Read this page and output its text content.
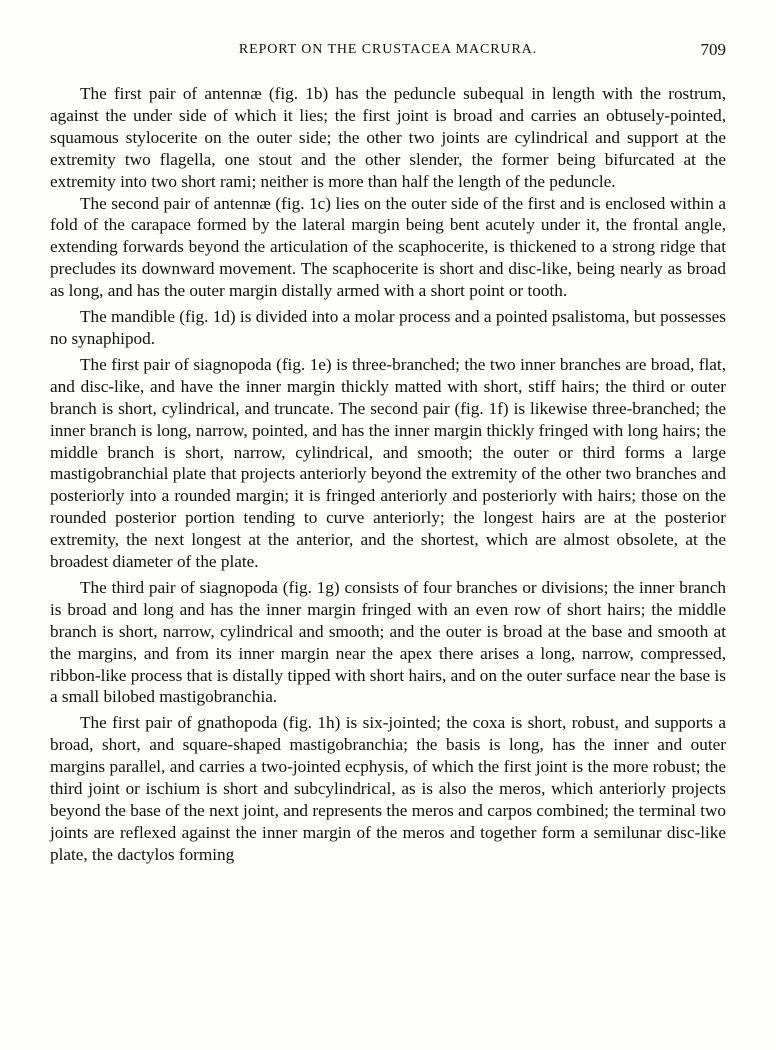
REPORT ON THE CRUSTACEA MACRURA.	709

The first pair of antennæ (fig. 1b) has the peduncle subequal in length with the rostrum, against the under side of which it lies; the first joint is broad and carries an obtusely-pointed, squamous stylocerite on the outer side; the other two joints are cylindrical and support at the extremity two flagella, one stout and the other slender, the former being bifurcated at the extremity into two short rami; neither is more than half the length of the peduncle.

The second pair of antennæ (fig. 1c) lies on the outer side of the first and is enclosed within a fold of the carapace formed by the lateral margin being bent acutely under it, the frontal angle, extending forwards beyond the articulation of the scaphocerite, is thickened to a strong ridge that precludes its downward movement. The scaphocerite is short and disc-like, being nearly as broad as long, and has the outer margin distally armed with a short point or tooth.

The mandible (fig. 1d) is divided into a molar process and a pointed psalistoma, but possesses no synaphipod.

The first pair of siagnopoda (fig. 1e) is three-branched; the two inner branches are broad, flat, and disc-like, and have the inner margin thickly matted with short, stiff hairs; the third or outer branch is short, cylindrical, and truncate. The second pair (fig. 1f) is likewise three-branched; the inner branch is long, narrow, pointed, and has the inner margin thickly fringed with long hairs; the middle branch is short, narrow, cylindrical, and smooth; the outer or third forms a large mastigobranchial plate that projects anteriorly beyond the extremity of the other two branches and posteriorly into a rounded margin; it is fringed anteriorly and posteriorly with hairs; those on the rounded posterior portion tending to curve anteriorly; the longest hairs are at the posterior extremity, the next longest at the anterior, and the shortest, which are almost obsolete, at the broadest diameter of the plate.

The third pair of siagnopoda (fig. 1g) consists of four branches or divisions; the inner branch is broad and long and has the inner margin fringed with an even row of short hairs; the middle branch is short, narrow, cylindrical and smooth; and the outer is broad at the base and smooth at the margins, and from its inner margin near the apex there arises a long, narrow, compressed, ribbon-like process that is distally tipped with short hairs, and on the outer surface near the base is a small bilobed mastigobranchia.

The first pair of gnathopoda (fig. 1h) is six-jointed; the coxa is short, robust, and supports a broad, short, and square-shaped mastigobranchia; the basis is long, has the inner and outer margins parallel, and carries a two-jointed ecphysis, of which the first joint is the more robust; the third joint or ischium is short and subcylindrical, as is also the meros, which anteriorly projects beyond the base of the next joint, and represents the meros and carpos combined; the terminal two joints are reflexed against the inner margin of the meros and together form a semilunar disc-like plate, the dactylos forming
